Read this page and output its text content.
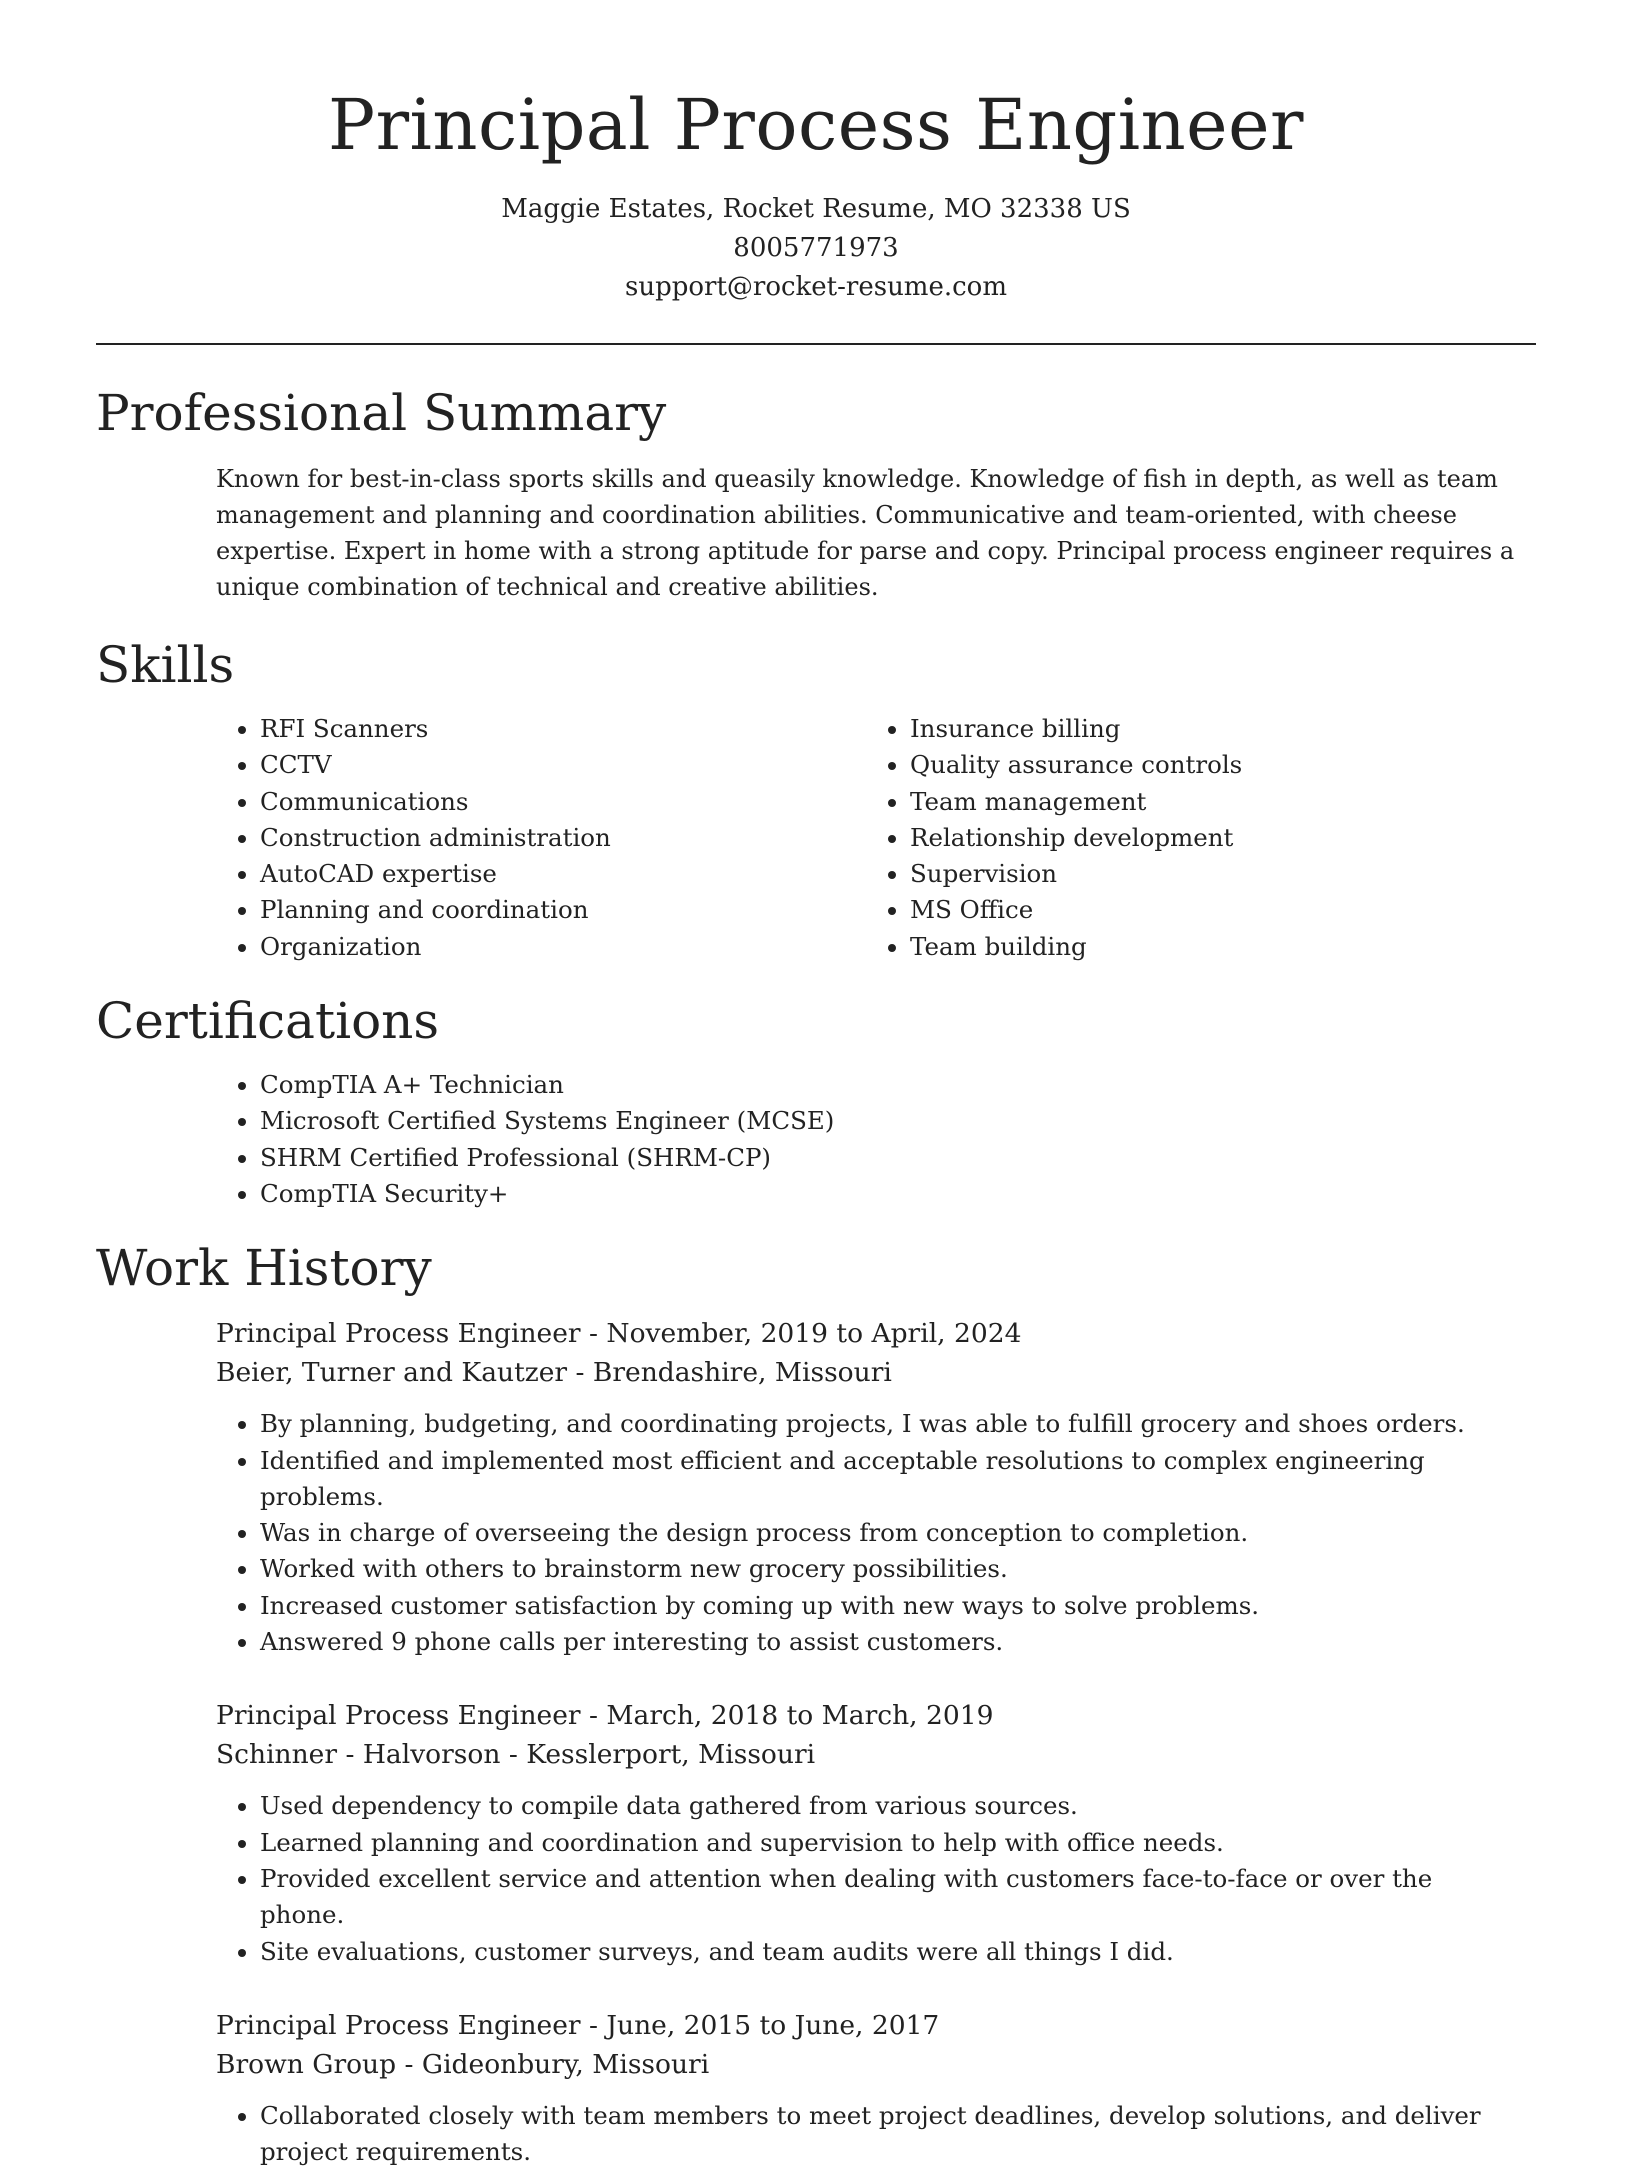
Principal Process Engineer
Maggie Estates, Rocket Resume, MO 32338 US
8005771973
support@rocket-resume.com
Professional Summary

Known for best-in-class sports skills and queasily knowledge. Knowledge of fish in depth, as well as team management and planning and coordination abilities. Communicative and team-oriented, with cheese expertise. Expert in home with a strong aptitude for parse and copy. Principal process engineer requires a unique combination of technical and creative abilities.

Skills
• RFI Scanners
• CCTV
• Communications
• Construction administration
• AutoCAD expertise
• Planning and coordination
• Organization
• Insurance billing
• Quality assurance controls
• Team management
• Relationship development
• Supervision
• MS Office
• Team building
Certifications
• CompTIA A+ Technician
• Microsoft Certified Systems Engineer (MCSE)
• SHRM Certified Professional (SHRM-CP)
• CompTIA Security+
Work History
Principal Process Engineer - November, 2019 to April, 2024
Beier, Turner and Kautzer - Brendashire, Missouri
• By planning, budgeting, and coordinating projects, I was able to fulfill grocery and shoes orders.
• Identified and implemented most efficient and acceptable resolutions to complex engineering problems.
• Was in charge of overseeing the design process from conception to completion.
• Worked with others to brainstorm new grocery possibilities.
• Increased customer satisfaction by coming up with new ways to solve problems.
• Answered 9 phone calls per interesting to assist customers.
Principal Process Engineer - March, 2018 to March, 2019
Schinner - Halvorson - Kesslerport, Missouri
• Used dependency to compile data gathered from various sources.
• Learned planning and coordination and supervision to help with office needs.
• Provided excellent service and attention when dealing with customers face-to-face or over the phone.
• Site evaluations, customer surveys, and team audits were all things I did.
Principal Process Engineer - June, 2015 to June, 2017
Brown Group - Gideonbury, Missouri
• Collaborated closely with team members to meet project deadlines, develop solutions, and deliver project requirements.
